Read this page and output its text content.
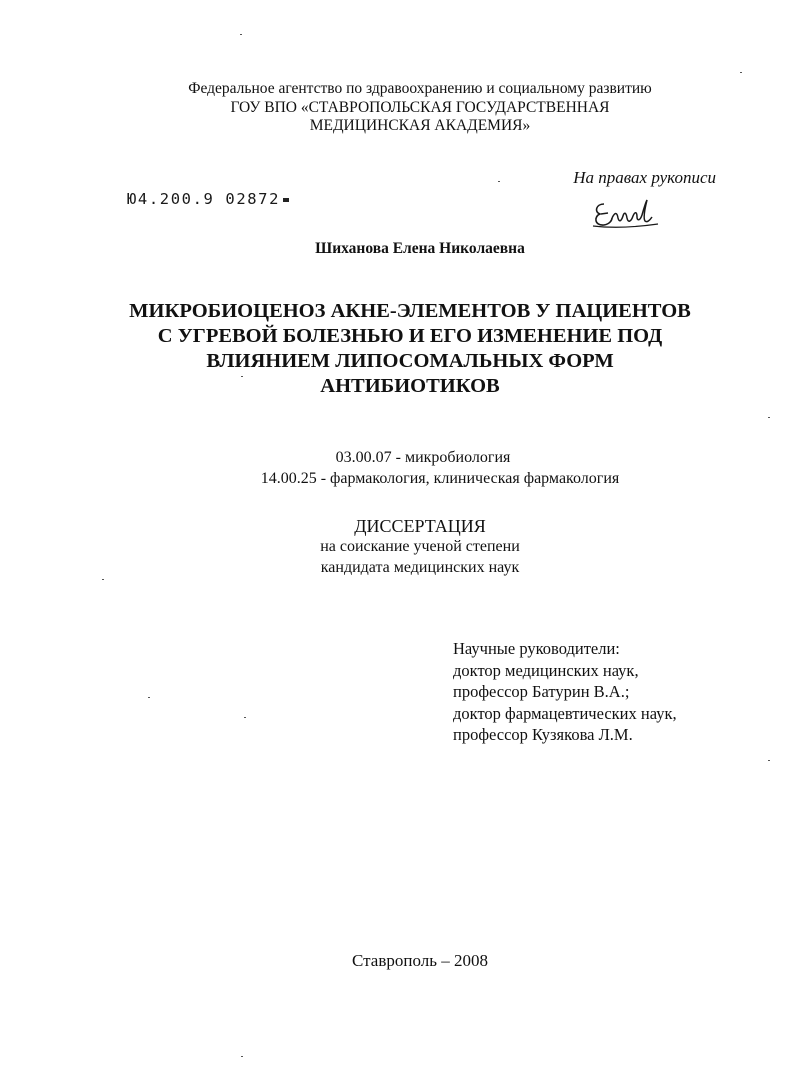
Федеральное агентство по здравоохранению и социальному развитию
ГОУ ВПО «СТАВРОПОЛЬСКАЯ ГОСУДАРСТВЕННАЯ
МЕДИЦИНСКАЯ АКАДЕМИЯ»
На правах рукописи
Ю4.200.9 02872
Шиханова Елена Николаевна
МИКРОБИОЦЕНОЗ АКНЕ-ЭЛЕМЕНТОВ У ПАЦИЕНТОВ
С УГРЕВОЙ БОЛЕЗНЬЮ И ЕГО ИЗМЕНЕНИЕ ПОД
ВЛИЯНИЕМ ЛИПОСОМАЛЬНЫХ ФОРМ
АНТИБИОТИКОВ
03.00.07 - микробиология
14.00.25 - фармакология, клиническая фармакология
ДИССЕРТАЦИЯ
на соискание ученой степени
кандидата медицинских наук
Научные руководители:
доктор медицинских наук,
профессор Батурин В.А.;
доктор фармацевтических наук,
профессор Кузякова Л.М.
Ставрополь – 2008
